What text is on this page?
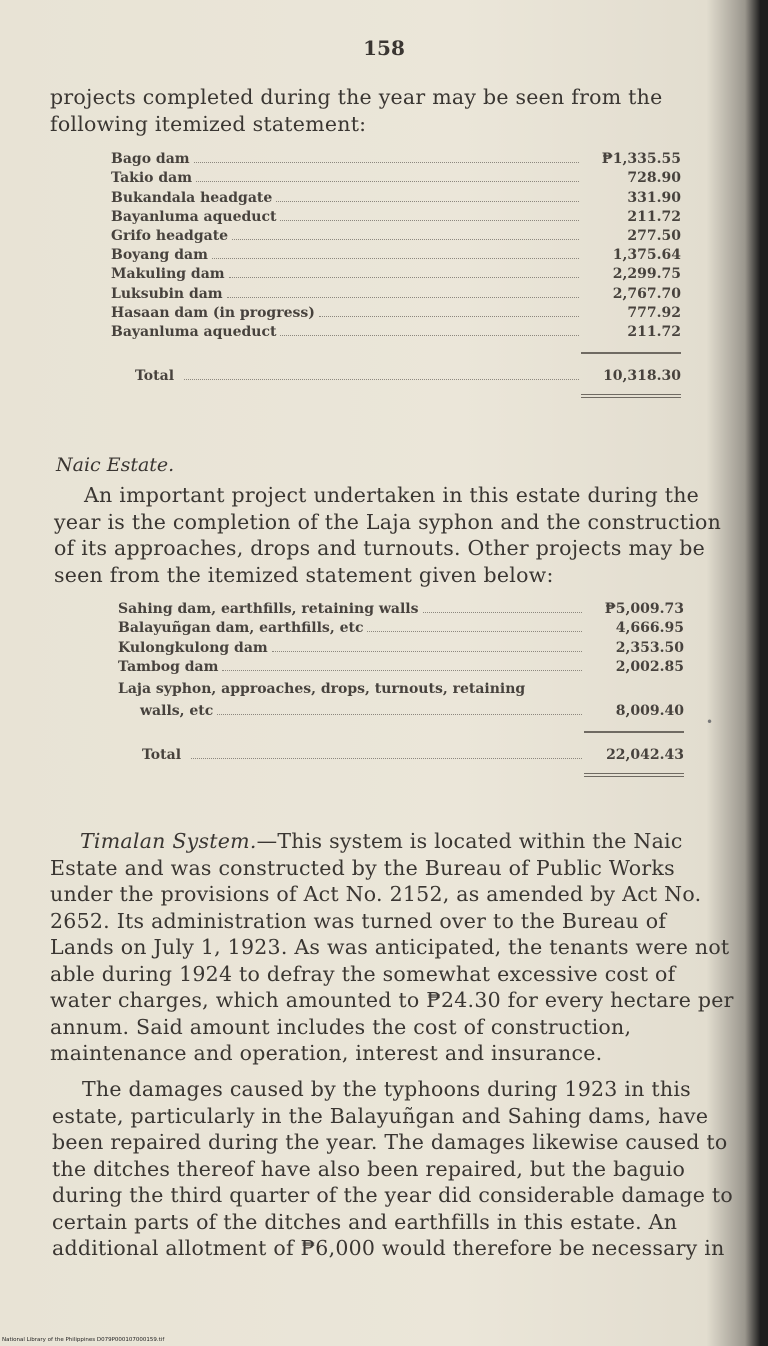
158

projects completed during the year may be seen from the following itemized statement:

Bago dam	₱1,335.55
Takio dam	728.90
Bukandala headgate	331.90
Bayanluma aqueduct	211.72
Grifo headgate	277.50
Boyang dam	1,375.64
Makuling dam	2,299.75
Luksubin dam	2,767.70
Hasaan dam (in progress)	777.92
Bayanluma aqueduct	211.72
Total	10,318.30
Naic Estate.

An important project undertaken in this estate during the year is the completion of the Laja syphon and the construction of its approaches, drops and turnouts. Other projects may be seen from the itemized statement given below:

Sahing dam, earthfills, retaining walls	₱5,009.73
Balayuñgan dam, earthfills, etc	4,666.95
Kulongkulong dam	2,353.50
Tambog dam	2,002.85
Laja syphon, approaches, drops, turnouts, retaining
walls, etc	8,009.40
Total	22,042.43
•

Timalan System.—This system is located within the Naic Estate and was constructed by the Bureau of Public Works under the provisions of Act No. 2152, as amended by Act No. 2652. Its administration was turned over to the Bureau of Lands on July 1, 1923. As was anticipated, the tenants were not able during 1924 to defray the somewhat excessive cost of water charges, which amounted to ₱24.30 for every hectare per annum. Said amount includes the cost of construction, maintenance and operation, interest and insurance.

The damages caused by the typhoons during 1923 in this estate, particularly in the Balayuñgan and Sahing dams, have been repaired during the year. The damages likewise caused to the ditches thereof have also been repaired, but the baguio during the third quarter of the year did considerable damage to certain parts of the ditches and earthfills in this estate. An additional allotment of ₱6,000 would therefore be necessary in

National Library of the Philippines D079P000107000159.tif
